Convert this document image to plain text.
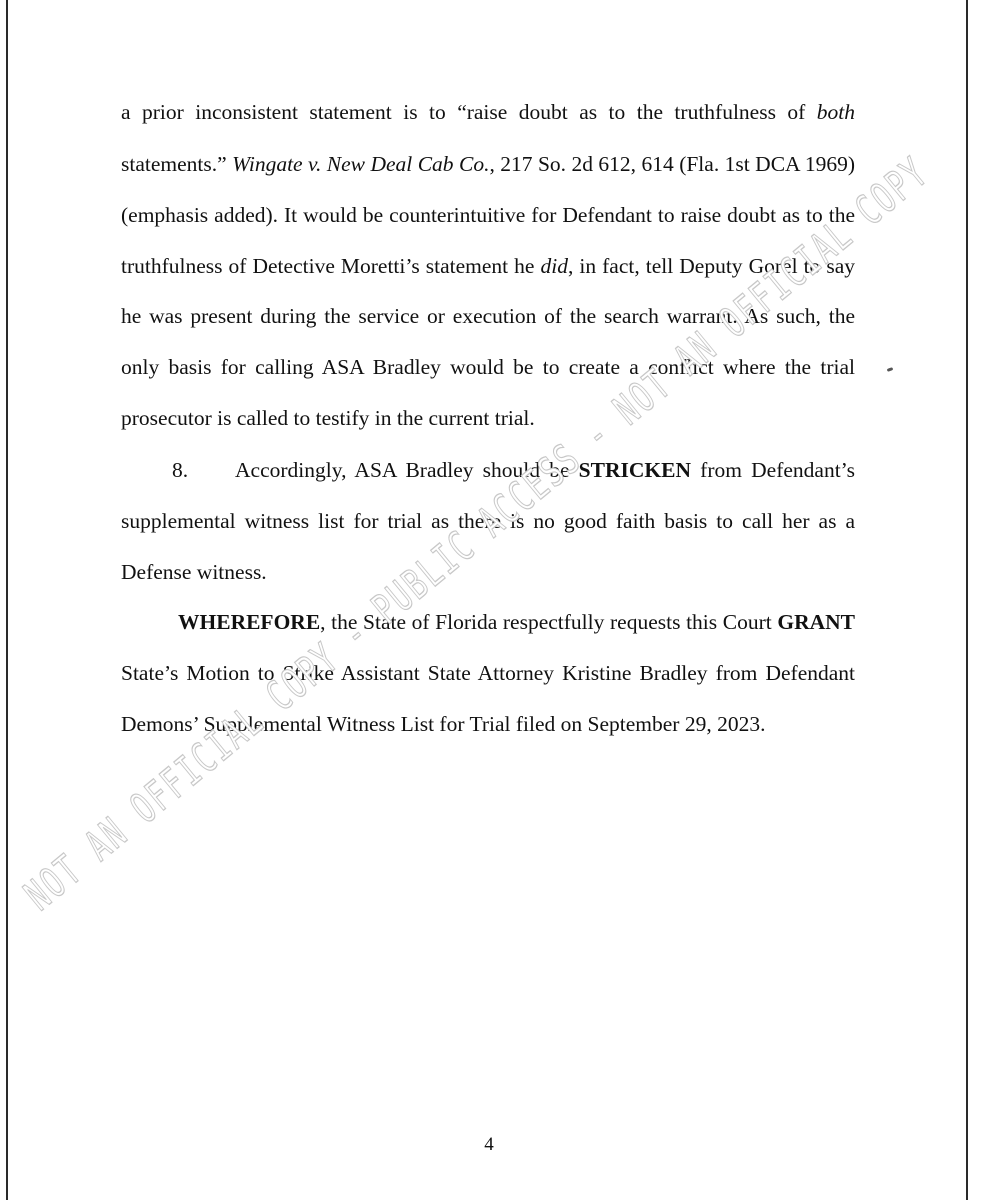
a prior inconsistent statement is to “raise doubt as to the truthfulness of both
statements.” Wingate v. New Deal Cab Co., 217 So. 2d 612, 614 (Fla. 1st DCA 1969)
(emphasis added). It would be counterintuitive for Defendant to raise doubt as to the
truthfulness of Detective Moretti’s statement he did, in fact, tell Deputy Gorel to say
he was present during the service or execution of the search warrant. As such, the
only basis for calling ASA Bradley would be to create a conflict where the trial
prosecutor is called to testify in the current trial.
8. Accordingly, ASA Bradley should be STRICKEN from Defendant’s
supplemental witness list for trial as there is no good faith basis to call her as a
Defense witness.
WHEREFORE, the State of Florida respectfully requests this Court GRANT
State’s Motion to Strike Assistant State Attorney Kristine Bradley from Defendant
Demons’ Supplemental Witness List for Trial filed on September 29, 2023.
4
